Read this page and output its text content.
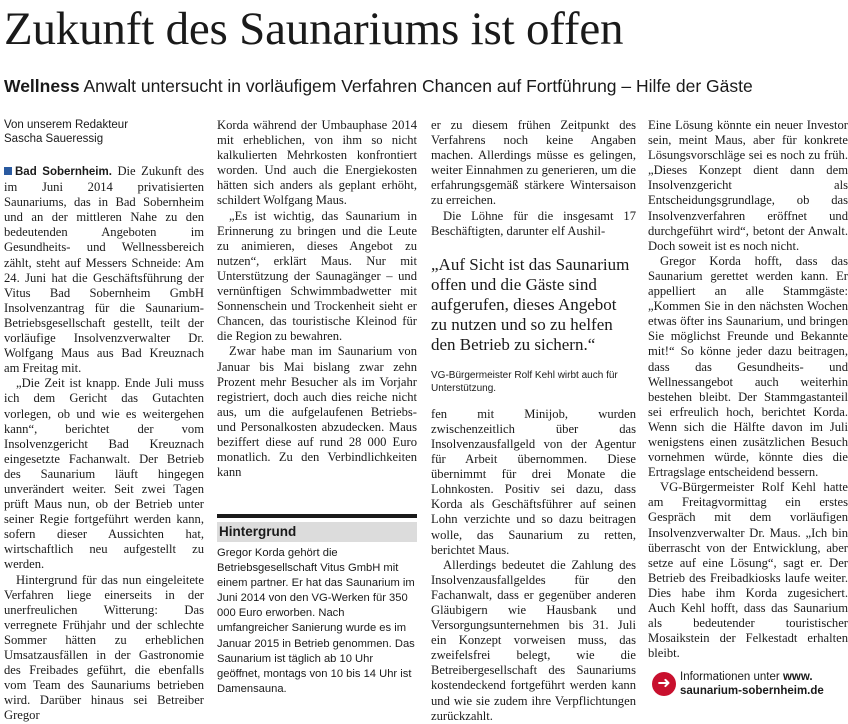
Zukunft des Saunariums ist offen
Wellness Anwalt untersucht in vorläufigem Verfahren Chancen auf Fortführung – Hilfe der Gäste
Von unserem Redakteur
Sascha Saueressig

Bad Sobernheim. Die Zukunft des im Juni 2014 privatisierten Saunariums, das in Bad Sobernheim und an der mittleren Nahe zu den bedeutenden Angeboten im Gesundheits- und Wellnessbereich zählt, steht auf Messers Schneide: Am 24. Juni hat die Geschäftsführung der Vitus Bad Sobernheim GmbH Insolvenzantrag für die Saunarium-Betriebsgesellschaft gestellt, teilt der vorläufige Insolvenzverwalter Dr. Wolfgang Maus aus Bad Kreuznach am Freitag mit.

„Die Zeit ist knapp. Ende Juli muss ich dem Gericht das Gutachten vorlegen, ob und wie es weitergehen kann“, berichtet der vom Insolvenzgericht Bad Kreuznach eingesetzte Fachanwalt. Der Betrieb des Saunarium läuft hingegen unverändert weiter. Seit zwei Tagen prüft Maus nun, ob der Betrieb unter seiner Regie fortgeführt werden kann, sofern dieser Aussichten hat, wirtschaftlich neu aufgestellt zu werden.

Hintergrund für das nun eingeleitete Verfahren liege einerseits in der unerfreulichen Witterung: Das verregnete Frühjahr und der schlechte Sommer hätten zu erheblichen Umsatzausfällen in der Gastronomie des Freibades geführt, die ebenfalls vom Team des Saunariums betrieben wird. Darüber hinaus sei Betreiber Gregor

Korda während der Umbauphase 2014 mit erheblichen, von ihm so nicht kalkulierten Mehrkosten konfrontiert worden. Und auch die Energiekosten hätten sich anders als geplant erhöht, schildert Wolfgang Maus.

„Es ist wichtig, das Saunarium in Erinnerung zu bringen und die Leute zu animieren, dieses Angebot zu nutzen“, erklärt Maus. Nur mit Unterstützung der Saunagänger – und vernünftigen Schwimmbadwetter mit Sonnenschein und Trockenheit sieht er Chancen, das touristische Kleinod für die Region zu bewahren.

Zwar habe man im Saunarium von Januar bis Mai bislang zwar zehn Prozent mehr Besucher als im Vorjahr registriert, doch auch dies reiche nicht aus, um die aufgelaufenen Betriebs- und Personalkosten abzudecken. Maus beziffert diese auf rund 28 000 Euro monatlich. Zu den Verbindlichkeiten kann

Hintergrund

Gregor Korda gehört die Betriebsgesellschaft Vitus GmbH mit einem partner. Er hat das Saunarium im Juni 2014 von den VG-Werken für 350 000 Euro erworben. Nach umfangreicher Sanierung wurde es im Januar 2015 in Betrieb genommen. Das Saunarium ist täglich ab 10 Uhr geöffnet, montags von 10 bis 14 Uhr ist Damensauna.

er zu diesem frühen Zeitpunkt des Verfahrens noch keine Angaben machen. Allerdings müsse es gelingen, weiter Einnahmen zu generieren, um die erfahrungsgemäß stärkere Wintersaison zu erreichen.

Die Löhne für die insgesamt 17 Beschäftigten, darunter elf Aushil-

„Auf Sicht ist das Saunarium offen und die Gäste sind aufgerufen, dieses Angebot zu nutzen und so zu helfen den Betrieb zu sichern.“
VG-Bürgermeister Rolf Kehl wirbt auch für Unterstützung.

fen mit Minijob, wurden zwischenzeitlich über das Insolvenzausfallgeld von der Agentur für Arbeit übernommen. Diese übernimmt für drei Monate die Lohnkosten. Positiv sei dazu, dass Korda als Geschäftsführer auf seinen Lohn verzichte und so dazu beitragen wolle, das Saunarium zu retten, berichtet Maus.

Allerdings bedeutet die Zahlung des Insolvenzausfallgeldes für den Fachanwalt, dass er gegenüber anderen Gläubigern wie Hausbank und Versorgungsunternehmen bis 31. Juli ein Konzept vorweisen muss, das zweifelsfrei belegt, wie die Betreibergesellschaft des Saunariums kostendeckend fortgeführt werden kann und wie sie zudem ihre Verpflichtungen zurückzahlt.

Eine Lösung könnte ein neuer Investor sein, meint Maus, aber für konkrete Lösungsvorschläge sei es noch zu früh. „Dieses Konzept dient dann dem Insolvenzgericht als Entscheidungsgrundlage, ob das Insolvenzverfahren eröffnet und durchgeführt wird“, betont der Anwalt. Doch soweit ist es noch nicht.

Gregor Korda hofft, dass das Saunarium gerettet werden kann. Er appelliert an alle Stammgäste: „Kommen Sie in den nächsten Wochen etwas öfter ins Saunarium, und bringen Sie möglichst Freunde und Bekannte mit!“ So könne jeder dazu beitragen, dass das Gesundheits- und Wellnessangebot auch weiterhin bestehen bleibt. Der Stammgastanteil sei erfreulich hoch, berichtet Korda. Wenn sich die Hälfte davon im Juli wenigstens einen zusätzlichen Besuch vornehmen würde, könnte dies die Ertragslage entscheidend bessern.

VG-Bürgermeister Rolf Kehl hatte am Freitagvormittag ein erstes Gespräch mit dem vorläufigen Insolvenzverwalter Dr. Maus. „Ich bin überrascht von der Entwicklung, aber setze auf eine Lösung“, sagt er. Der Betrieb des Freibadkiosks laufe weiter. Dies habe ihm Korda zugesichert. Auch Kehl hofft, dass das Saunarium als bedeutender touristischer Mosaikstein der Felkestadt erhalten bleibt.

➜ Informationen unter www.
saunarium-sobernheim.de
